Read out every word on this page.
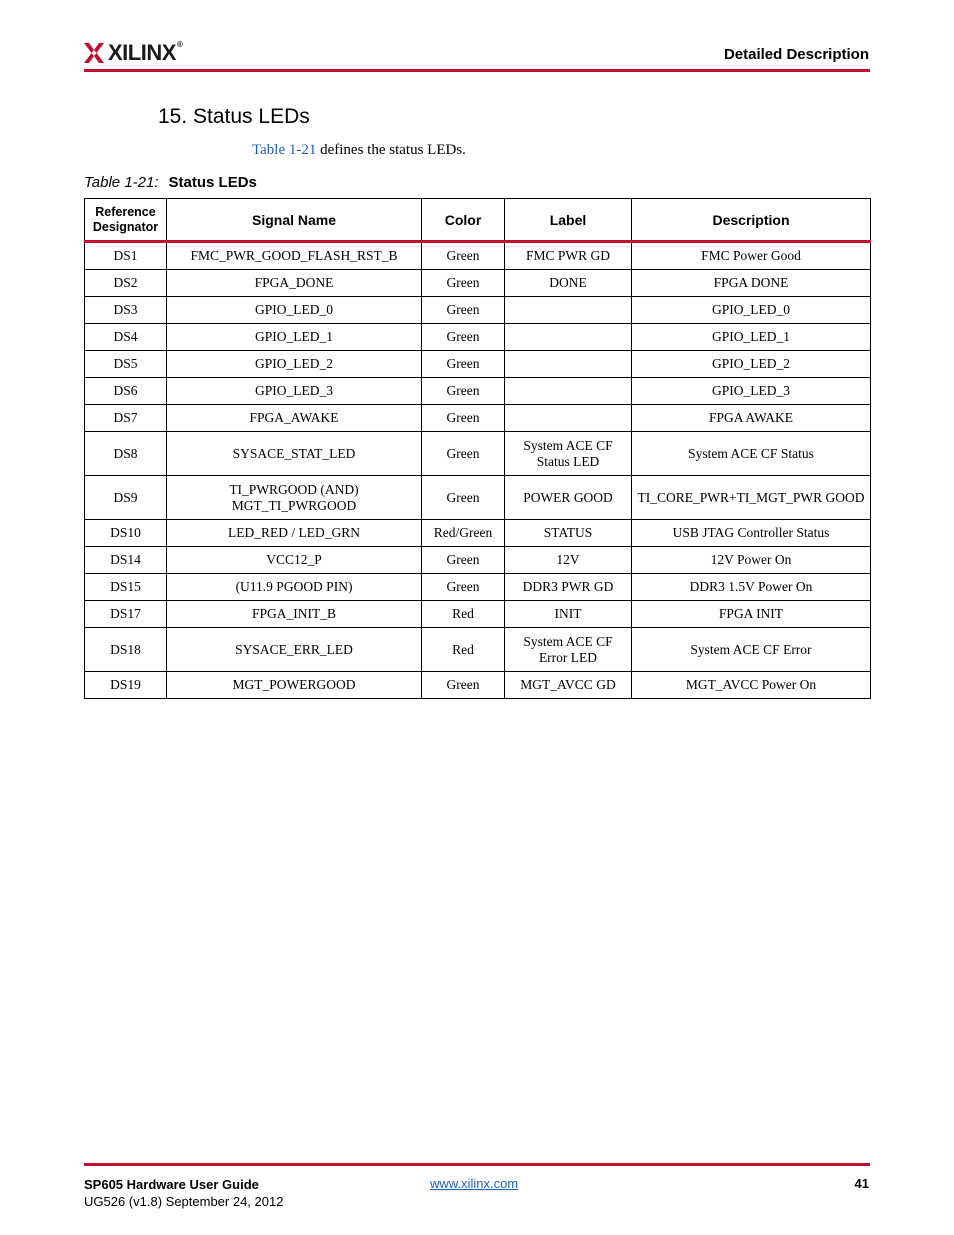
XILINX®
Detailed Description
15. Status LEDs
Table 1-21 defines the status LEDs.
Table 1-21: Status LEDs
Reference Designator	Signal Name	Color	Label	Description
DS1	FMC_PWR_GOOD_FLASH_RST_B	Green	FMC PWR GD	FMC Power Good
DS2	FPGA_DONE	Green	DONE	FPGA DONE
DS3	GPIO_LED_0	Green		GPIO_LED_0
DS4	GPIO_LED_1	Green		GPIO_LED_1
DS5	GPIO_LED_2	Green		GPIO_LED_2
DS6	GPIO_LED_3	Green		GPIO_LED_3
DS7	FPGA_AWAKE	Green		FPGA AWAKE
DS8	SYSACE_STAT_LED	Green	System ACE CF Status LED	System ACE CF Status
DS9	TI_PWRGOOD (AND) MGT_TI_PWRGOOD	Green	POWER GOOD	TI_CORE_PWR+TI_MGT_PWR GOOD
DS10	LED_RED / LED_GRN	Red/Green	STATUS	USB JTAG Controller Status
DS14	VCC12_P	Green	12V	12V Power On
DS15	(U11.9 PGOOD PIN)	Green	DDR3 PWR GD	DDR3 1.5V Power On
DS17	FPGA_INIT_B	Red	INIT	FPGA INIT
DS18	SYSACE_ERR_LED	Red	System ACE CF Error LED	System ACE CF Error
DS19	MGT_POWERGOOD	Green	MGT_AVCC GD	MGT_AVCC Power On
SP605 Hardware User Guide
UG526 (v1.8) September 24, 2012
www.xilinx.com	41
